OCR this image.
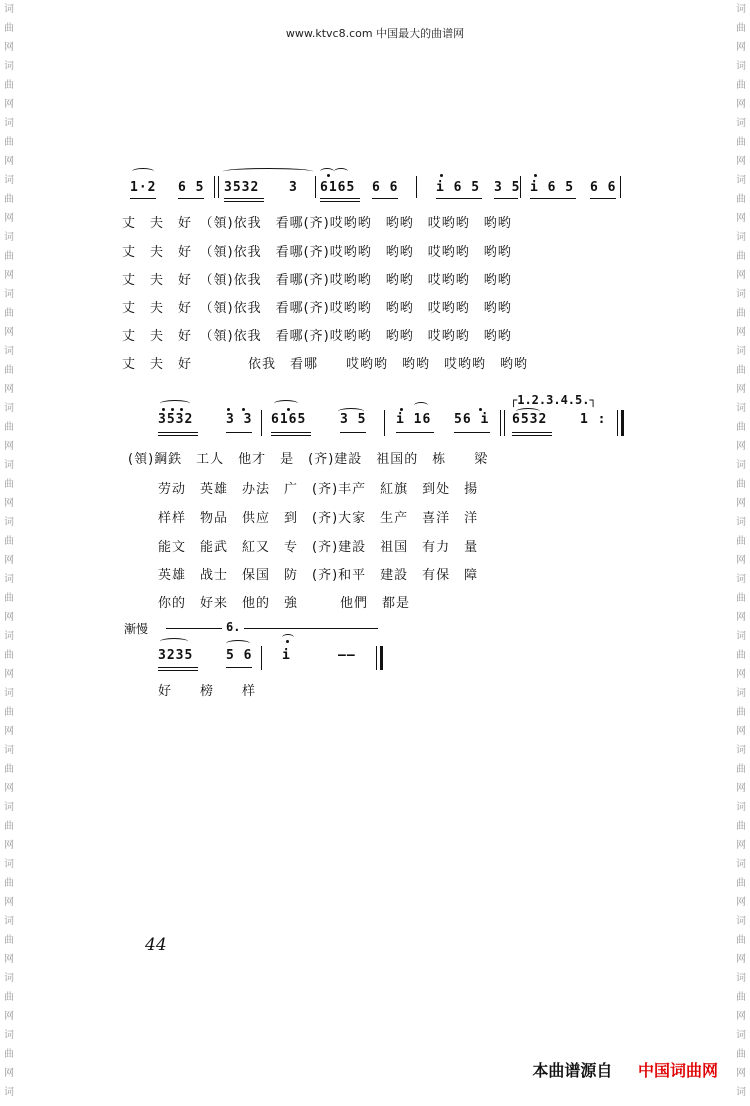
词
曲
网
词
曲
网
词
曲
网
词
曲
网
词
曲
网
词
曲
网
词
曲
网
词
曲
网
词
曲
网
词
曲
网
词
曲
网
词
曲
网
词
曲
网
词
曲
网
词
曲
网
词
曲
网
词
曲
网
词
曲
网
词
曲
网
词
词
曲
网
词
曲
网
词
曲
网
词
曲
网
词
曲
网
词
曲
网
词
曲
网
词
曲
网
词
曲
网
词
曲
网
词
曲
网
词
曲
网
词
曲
网
词
曲
网
词
曲
网
词
曲
网
词
曲
网
词
曲
网
词
曲
网
词
www.ktvc8.com 中国最大的曲谱网
1·2 6 5 3532 3 6165 6 6	i 6 5 3 5 i 6 5 6 6
丈　夫　好　（領)依我　看哪(齐)哎哟哟　哟哟　哎哟哟　哟哟
丈　夫　好　（領)依我　看哪(齐)哎哟哟　哟哟　哎哟哟　哟哟
丈　夫　好　（領)依我　看哪(齐)哎哟哟　哟哟　哎哟哟　哟哟
丈　夫　好　（領)依我　看哪(齐)哎哟哟　哟哟　哎哟哟　哟哟
丈　夫　好　（領)依我　看哪(齐)哎哟哟　哟哟　哎哟哟　哟哟
丈　夫　好　　　　依我　看哪　　哎哟哟　哟哟　哎哟哟　哟哟
┌1.2.3.4.5.┐
3532	3 3 6165	3 5 i 16 56 i 6532	1 :
(領)鋼鉄　工人　他才　是　(齐)建設　祖国的　栋　　梁
劳动　英雄　办法　广　(齐)丰产　紅旗　到处　揚
样样　物品　供应　到　(齐)大家　生产　喜洋　洋
能文　能武　紅又　专　(齐)建設　祖国　有力　量
英雄　战士　保国　防　(齐)和平　建設　有保　障
你的　好来　他的　強　　　他們　都是
漸慢	6.
3235	5 6 i	——
好　　榜　　样
44
本曲谱源自 中国词曲网
